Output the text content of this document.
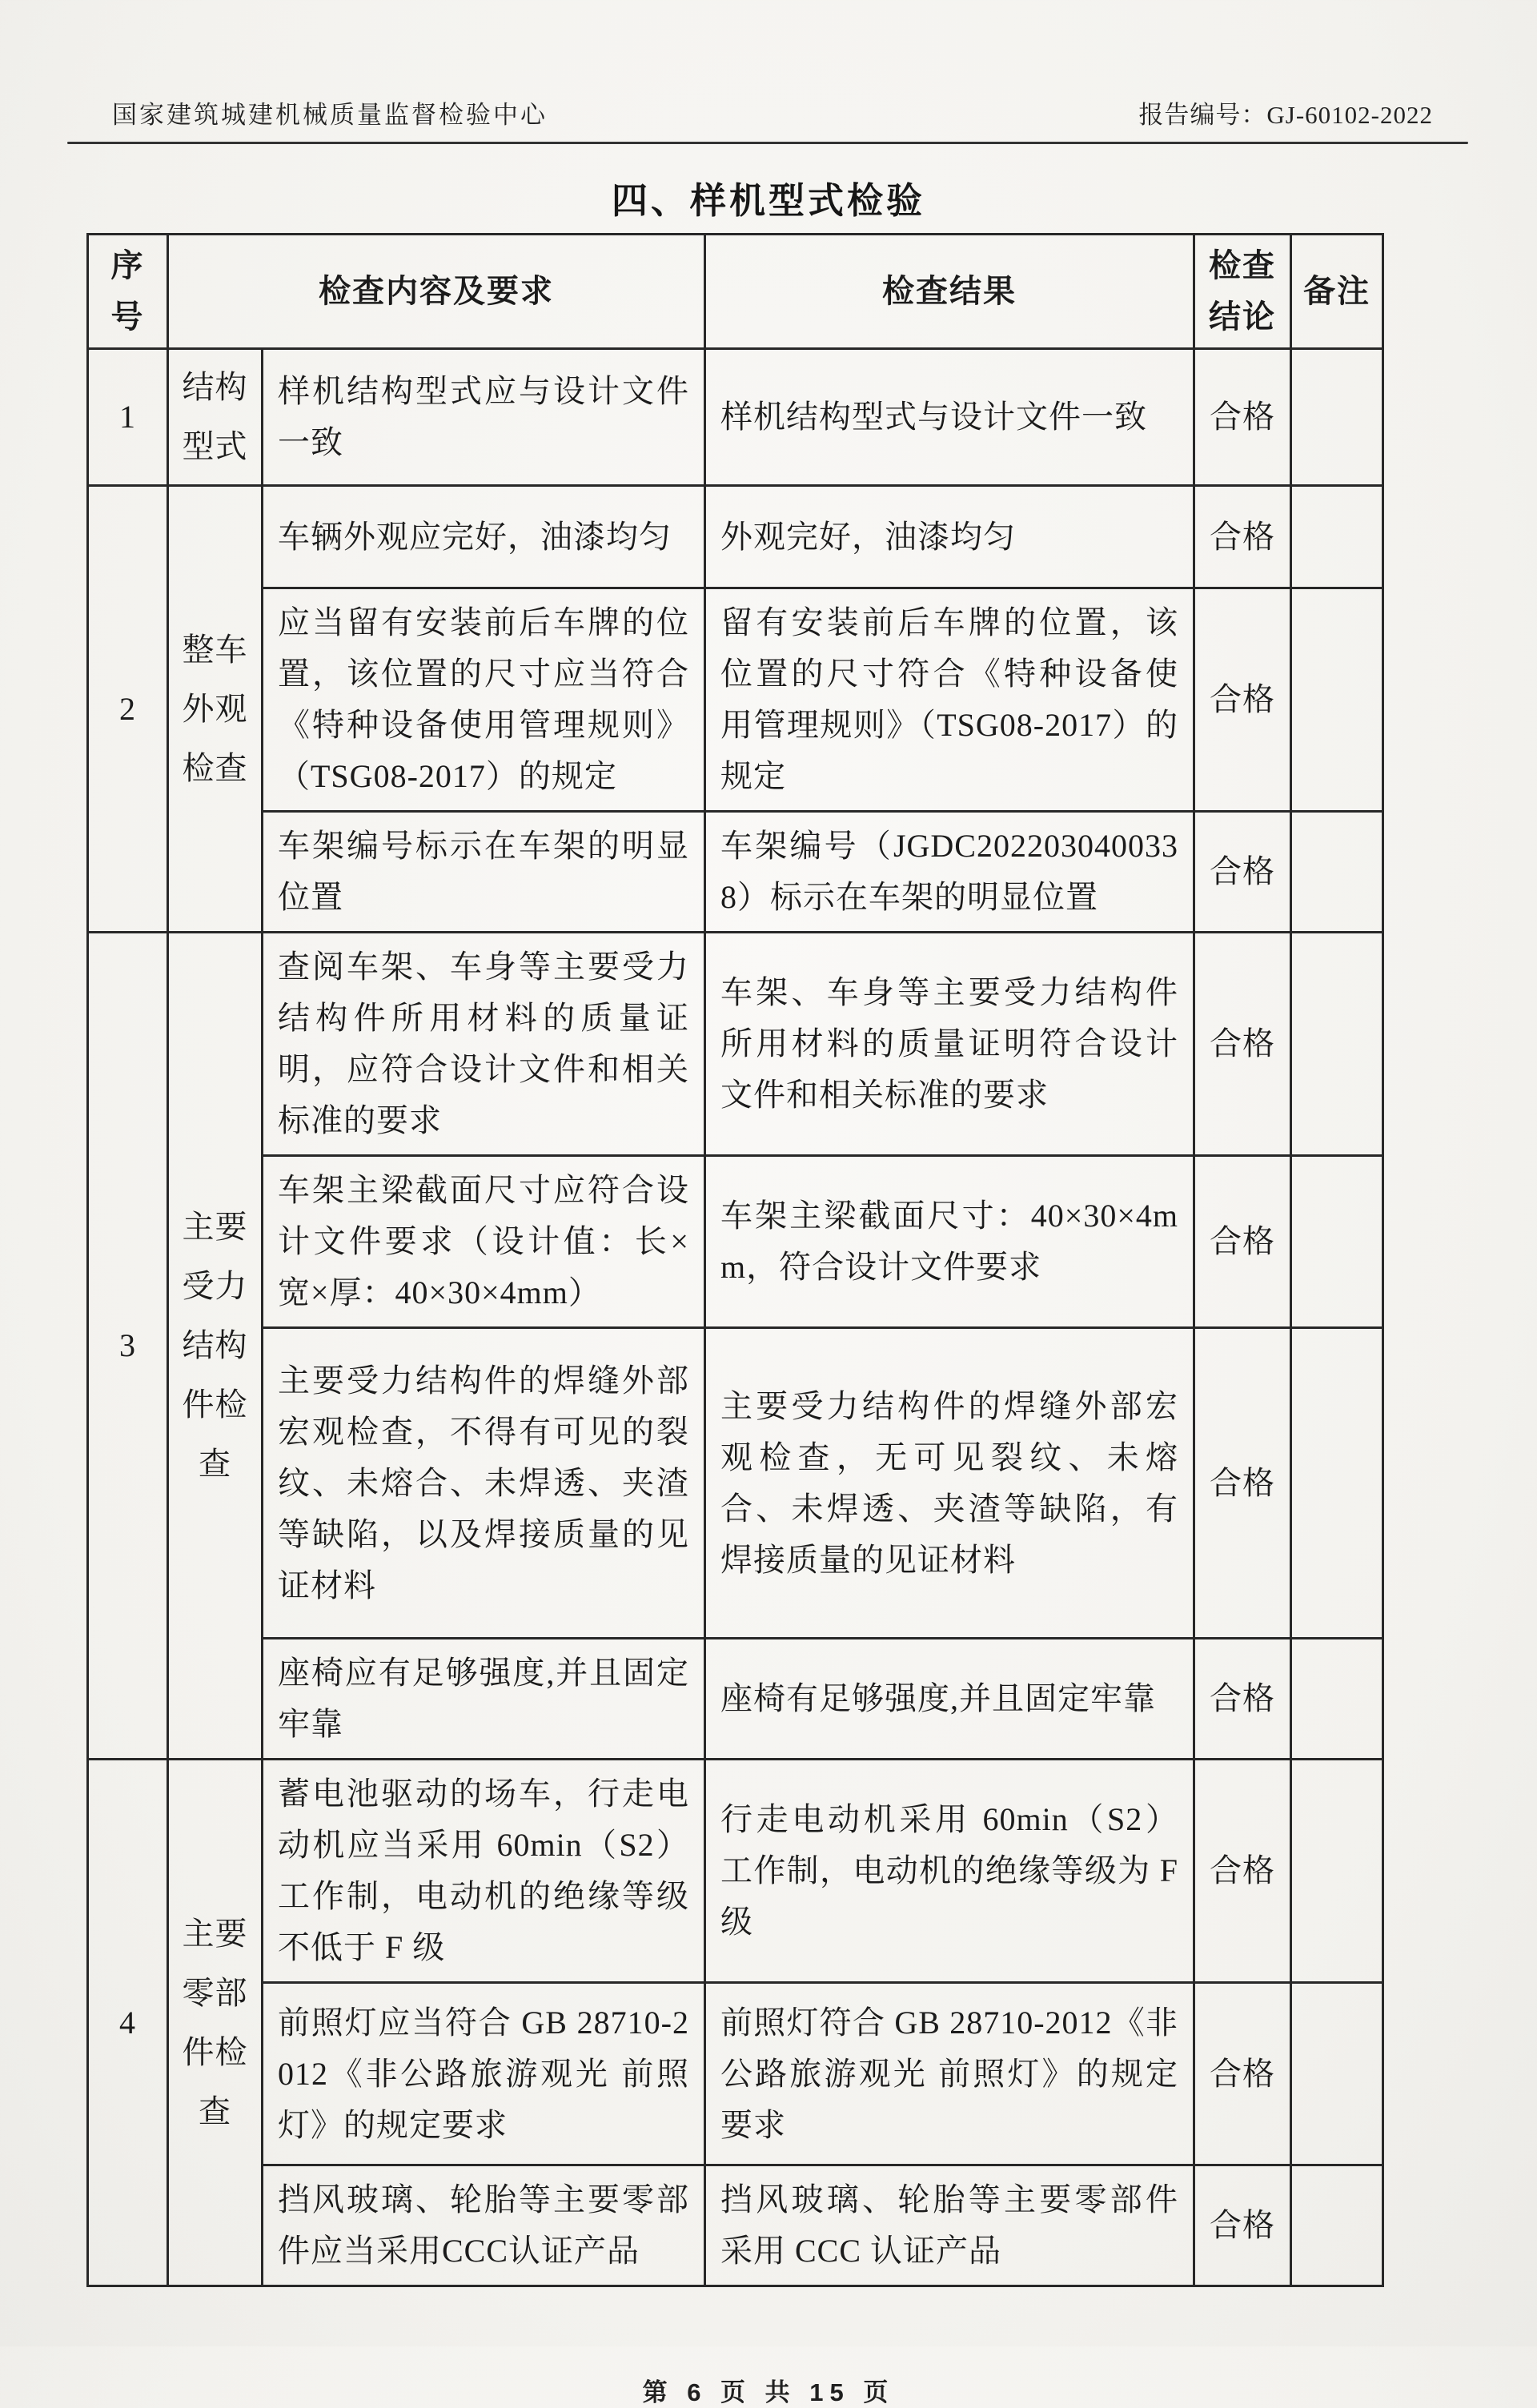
国家建筑城建机械质量监督检验中心	报告编号：GJ-60102-2022
四、样机型式检验
序号	检查内容及要求		检查结果	检查结论	备注
1	结构型式	样机结构型式应与设计文件一致	样机结构型式与设计文件一致	合格	
2	整车外观检查	车辆外观应完好，油漆均匀	外观完好，油漆均匀	合格	
		应当留有安装前后车牌的位置，该位置的尺寸应当符合《特种设备使用管理规则》（TSG08-2017）的规定	留有安装前后车牌的位置，该位置的尺寸符合《特种设备使用管理规则》（TSG08-2017）的规定	合格	
		车架编号标示在车架的明显位置	车架编号（JGDC2022030400338）标示在车架的明显位置	合格	
3	主要受力结构件检查	查阅车架、车身等主要受力结构件所用材料的质量证明，应符合设计文件和相关标准的要求	车架、车身等主要受力结构件所用材料的质量证明符合设计文件和相关标准的要求	合格	
		车架主梁截面尺寸应符合设计文件要求（设计值：长×宽×厚：40×30×4mm）	车架主梁截面尺寸：40×30×4mm，符合设计文件要求	合格	
		主要受力结构件的焊缝外部宏观检查，不得有可见的裂纹、未熔合、未焊透、夹渣等缺陷，以及焊接质量的见证材料	主要受力结构件的焊缝外部宏观检查，无可见裂纹、未熔合、未焊透、夹渣等缺陷，有焊接质量的见证材料	合格	
		座椅应有足够强度,并且固定牢靠	座椅有足够强度,并且固定牢靠	合格	
4	主要零部件检查	蓄电池驱动的场车，行走电动机应当采用 60min（S2）工作制，电动机的绝缘等级不低于 F 级	行走电动机采用 60min（S2）工作制，电动机的绝缘等级为 F 级	合格	
		前照灯应当符合 GB 28710-2012《非公路旅游观光 前照灯》的规定要求	前照灯符合 GB 28710-2012《非公路旅游观光 前照灯》的规定要求	合格	
		挡风玻璃、轮胎等主要零部件应当采用CCC认证产品	挡风玻璃、轮胎等主要零部件采用 CCC 认证产品	合格	
第 6 页 共 15 页
